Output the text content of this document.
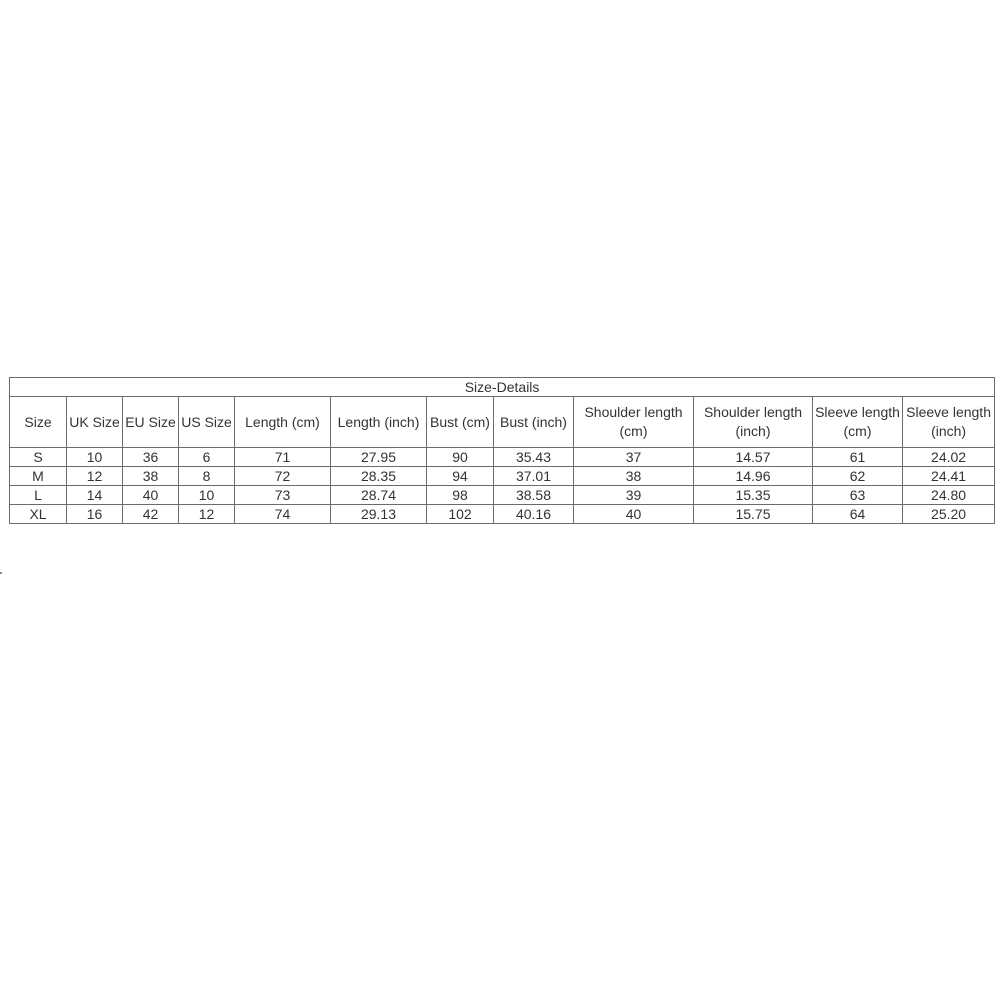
Size-Details											
Size	UK Size	EU Size	US Size	Length (cm)	Length (inch)	Bust (cm)	Bust (inch)	Shoulder length (cm)	Shoulder length (inch)	Sleeve length (cm)	Sleeve length (inch)
S	10	36	6	71	27.95	90	35.43	37	14.57	61	24.02
M	12	38	8	72	28.35	94	37.01	38	14.96	62	24.41
L	14	40	10	73	28.74	98	38.58	39	15.35	63	24.80
XL	16	42	12	74	29.13	102	40.16	40	15.75	64	25.20
